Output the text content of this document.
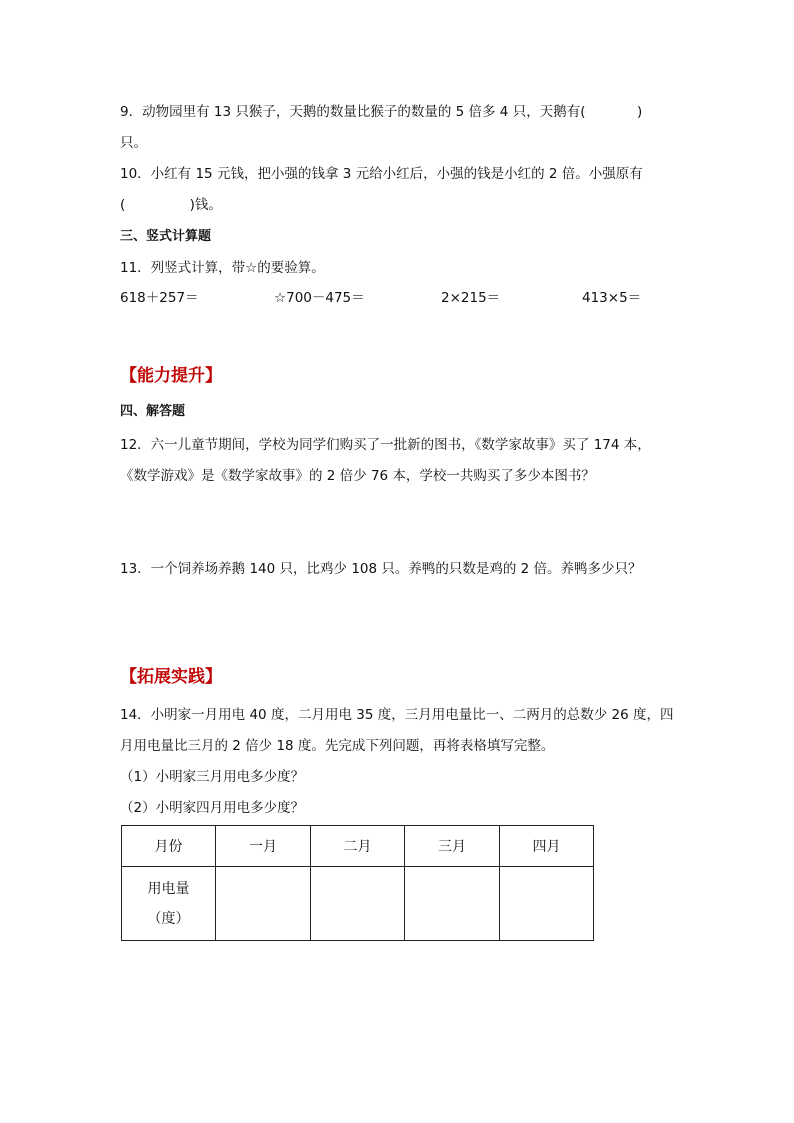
9．动物园里有 13 只猴子，天鹅的数量比猴子的数量的 5 倍多 4 只，天鹅有(            )
只。
10．小红有 15 元钱，把小强的钱拿 3 元给小红后，小强的钱是小红的 2 倍。小强原有
(               )钱。
三、竖式计算题
11．列竖式计算，带☆的要验算。
618＋257＝	☆700－475＝	2×215＝	413×5＝
【能力提升】
四、解答题
12．六一儿童节期间，学校为同学们购买了一批新的图书，《数学家故事》买了 174 本，
《数学游戏》是《数学家故事》的 2 倍少 76 本，学校一共购买了多少本图书？
13．一个饲养场养鹅 140 只，比鸡少 108 只。养鸭的只数是鸡的 2 倍。养鸭多少只？
【拓展实践】
14．小明家一月用电 40 度，二月用电 35 度，三月用电量比一、二两月的总数少 26 度，四
月用电量比三月的 2 倍少 18 度。先完成下列问题，再将表格填写完整。
（1）小明家三月用电多少度？
（2）小明家四月用电多少度？
月份	一月	二月	三月	四月

用电量
（度）				
